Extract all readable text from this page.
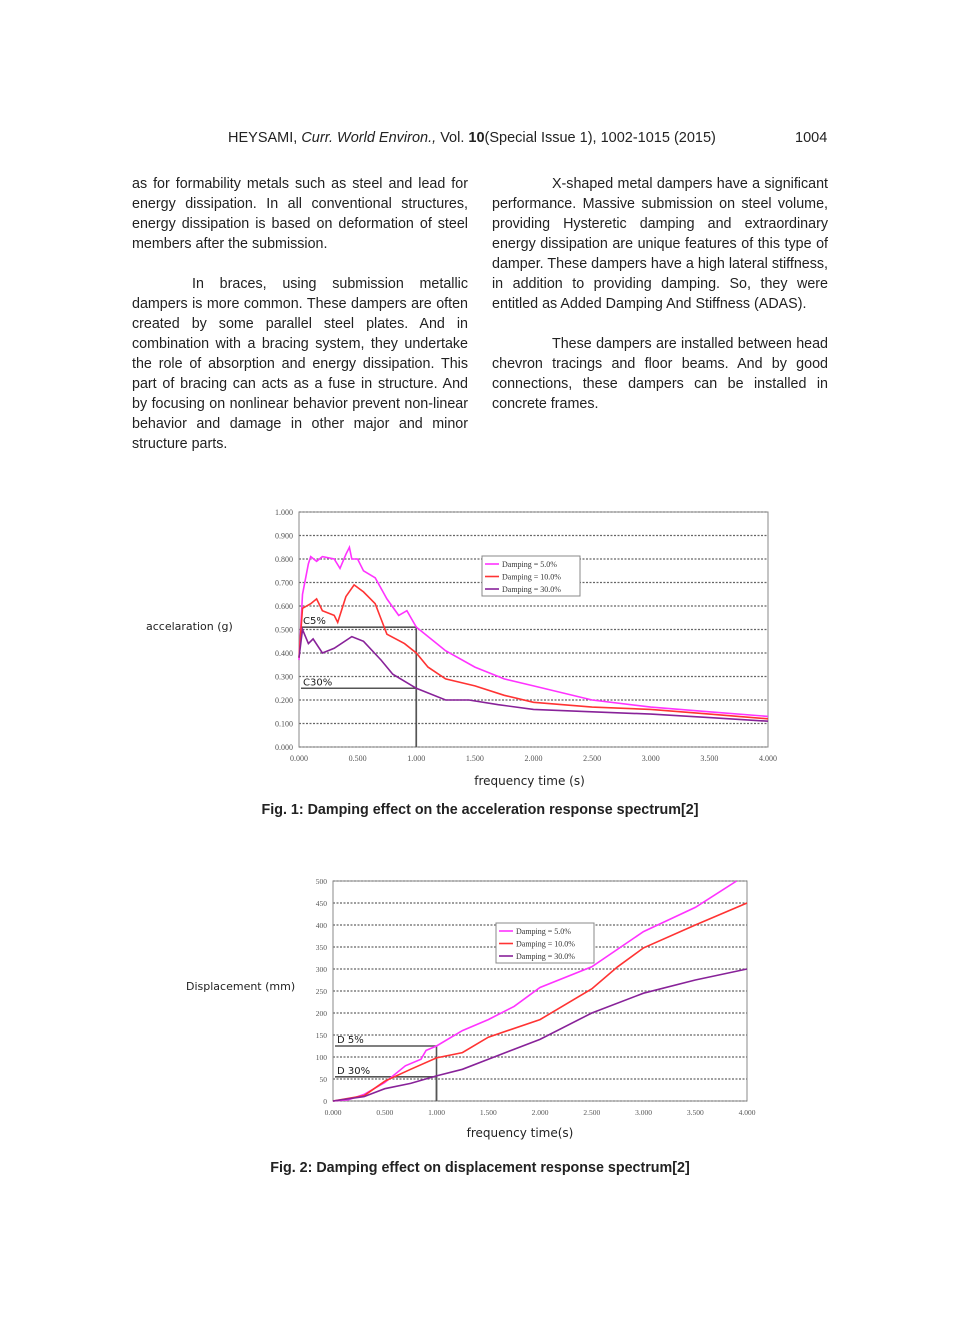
HEYSAMI, Curr. World Environ., Vol. 10(Special Issue 1), 1002-1015 (2015)	1004

as for formability metals such as steel and lead for energy dissipation. In all conventional structures, energy dissipation is based on deformation of steel members after the submission.

In braces, using submission metallic dampers is more common. These dampers are often created by some parallel steel plates. And in combination with a bracing system, they undertake the role of absorption and energy dissipation. This part of bracing can acts as a fuse in structure. And by focusing on nonlinear behavior prevent non-linear behavior and damage in other major and minor structure parts.

X-shaped metal dampers have a significant performance. Massive submission on steel volume, providing Hysteretic damping and extraordinary energy dissipation are unique features of this type of damper. These dampers have a high lateral stiffness, in addition to providing damping. So, they were entitled as Added Damping And Stiffness (ADAS).

These dampers are installed between head chevron tracings and floor beams. And by good connections, these dampers can be installed in concrete frames.

0.000
0.100
0.200
0.300
0.400
0.500
0.600
0.700
0.800
0.900
1.000
0.000	0.500	1.000	1.500	2.000	2.500	3.000	3.500	4.000
C5%
C30%
Damping = 5.0%
Damping = 10.0%
Damping = 30.0%
accelaration (g)
frequency time (s)
Fig. 1: Damping effect on the acceleration response spectrum[2]
0
50
100
150
200
250
300
350
400
450
500
0.000	0.500	1.000	1.500	2.000	2.500	3.000	3.500	4.000
D 5%
D 30%
Damping = 5.0%
Damping = 10.0%
Damping = 30.0%
Displacement (mm)
frequency time(s)
Fig. 2: Damping effect on displacement response spectrum[2]
